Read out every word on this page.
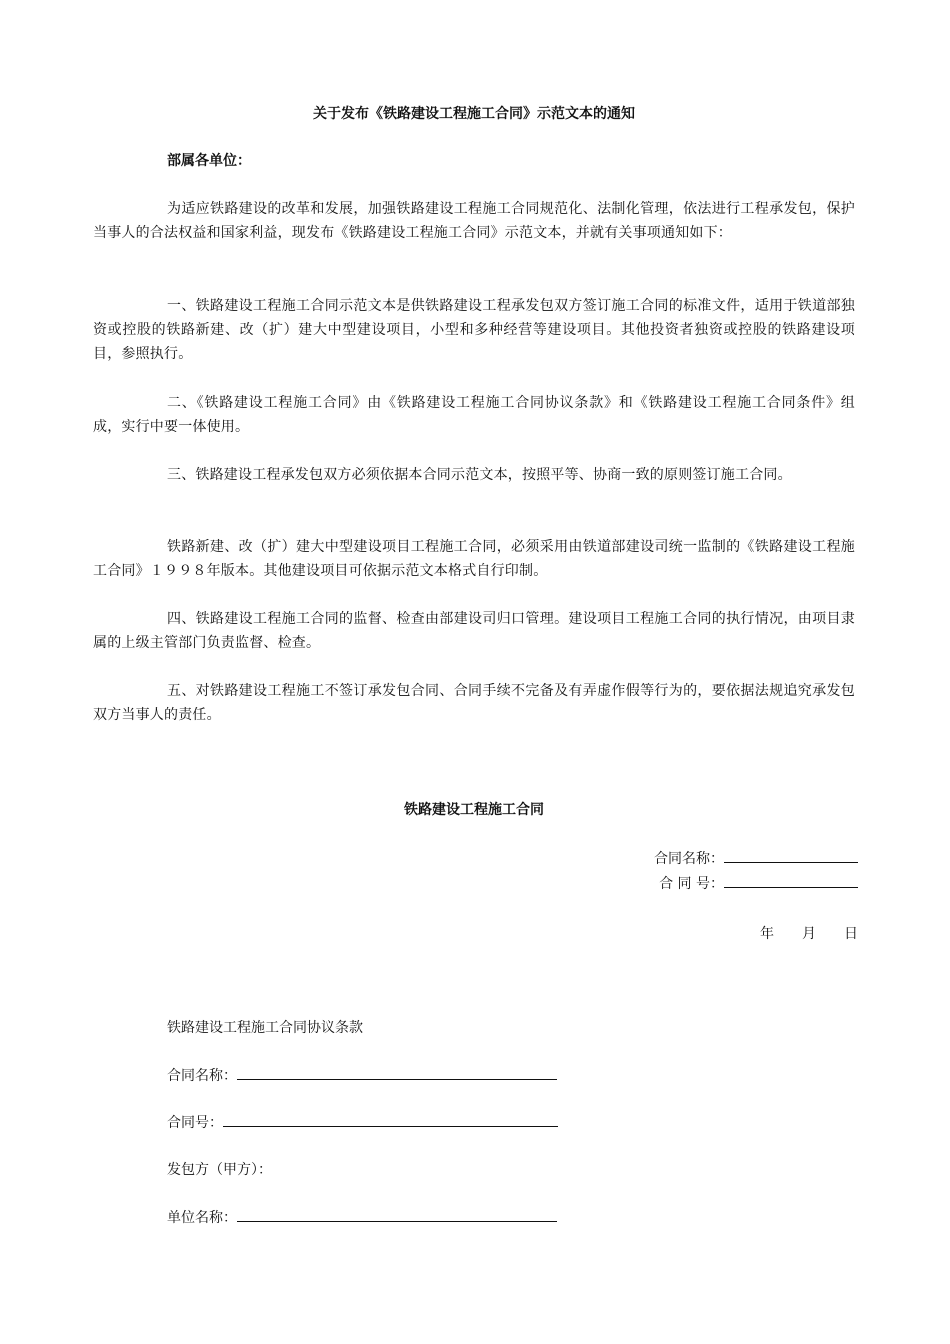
关于发布《铁路建设工程施工合同》示范文本的通知
部属各单位：
为适应铁路建设的改革和发展，加强铁路建设工程施工合同规范化、法制化管理，依法进行工程承发包，保护当事人的合法权益和国家利益，现发布《铁路建设工程施工合同》示范文本，并就有关事项通知如下：
一、铁路建设工程施工合同示范文本是供铁路建设工程承发包双方签订施工合同的标准文件，适用于铁道部独资或控股的铁路新建、改（扩）建大中型建设项目，小型和多种经营等建设项目。其他投资者独资或控股的铁路建设项目，参照执行。
二、《铁路建设工程施工合同》由《铁路建设工程施工合同协议条款》和《铁路建设工程施工合同条件》组成，实行中要一体使用。
三、铁路建设工程承发包双方必须依据本合同示范文本，按照平等、协商一致的原则签订施工合同。
铁路新建、改（扩）建大中型建设项目工程施工合同，必须采用由铁道部建设司统一监制的《铁路建设工程施工合同》１９９８年版本。其他建设项目可依据示范文本格式自行印制。
四、铁路建设工程施工合同的监督、检查由部建设司归口管理。建设项目工程施工合同的执行情况，由项目隶属的上级主管部门负责监督、检查。
五、对铁路建设工程施工不签订承发包合同、合同手续不完备及有弄虚作假等行为的，要依据法规追究承发包双方当事人的责任。
铁路建设工程施工合同
合同名称：
合 同 号：
年 月 日
铁路建设工程施工合同协议条款
合同名称：
合同号：
发包方（甲方）：
单位名称：
